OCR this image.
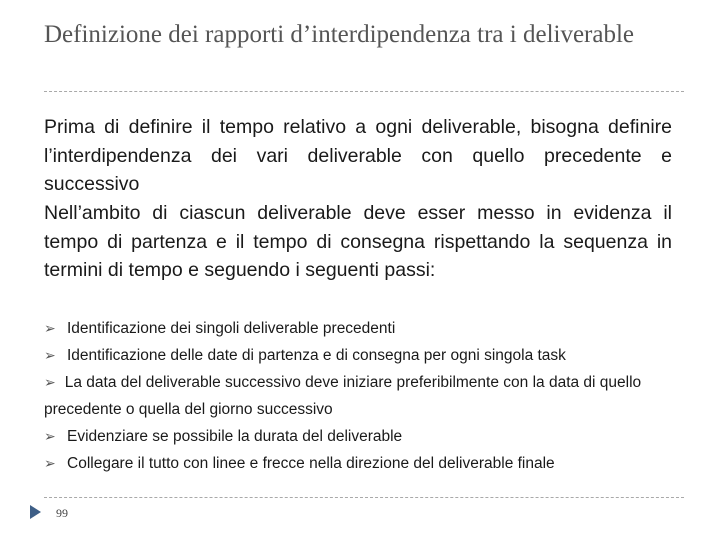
Definizione dei rapporti d’interdipendenza tra i deliverable

Prima di definire il tempo relativo a ogni deliverable, bisogna definire l’interdipendenza dei vari deliverable con quello precedente e successivo

Nell’ambito di ciascun deliverable deve esser messo in evidenza il tempo di partenza e il tempo di consegna rispettando la sequenza in termini di tempo e seguendo i seguenti passi:

➢ Identificazione dei singoli deliverable precedenti
➢ Identificazione delle date di partenza e di consegna per ogni singola task
➢ La data del deliverable successivo deve iniziare preferibilmente con la data di quello precedente o quella del giorno successivo
➢ Evidenziare se possibile la durata del deliverable
➢ Collegare il tutto con linee e frecce nella direzione del deliverable finale
99
